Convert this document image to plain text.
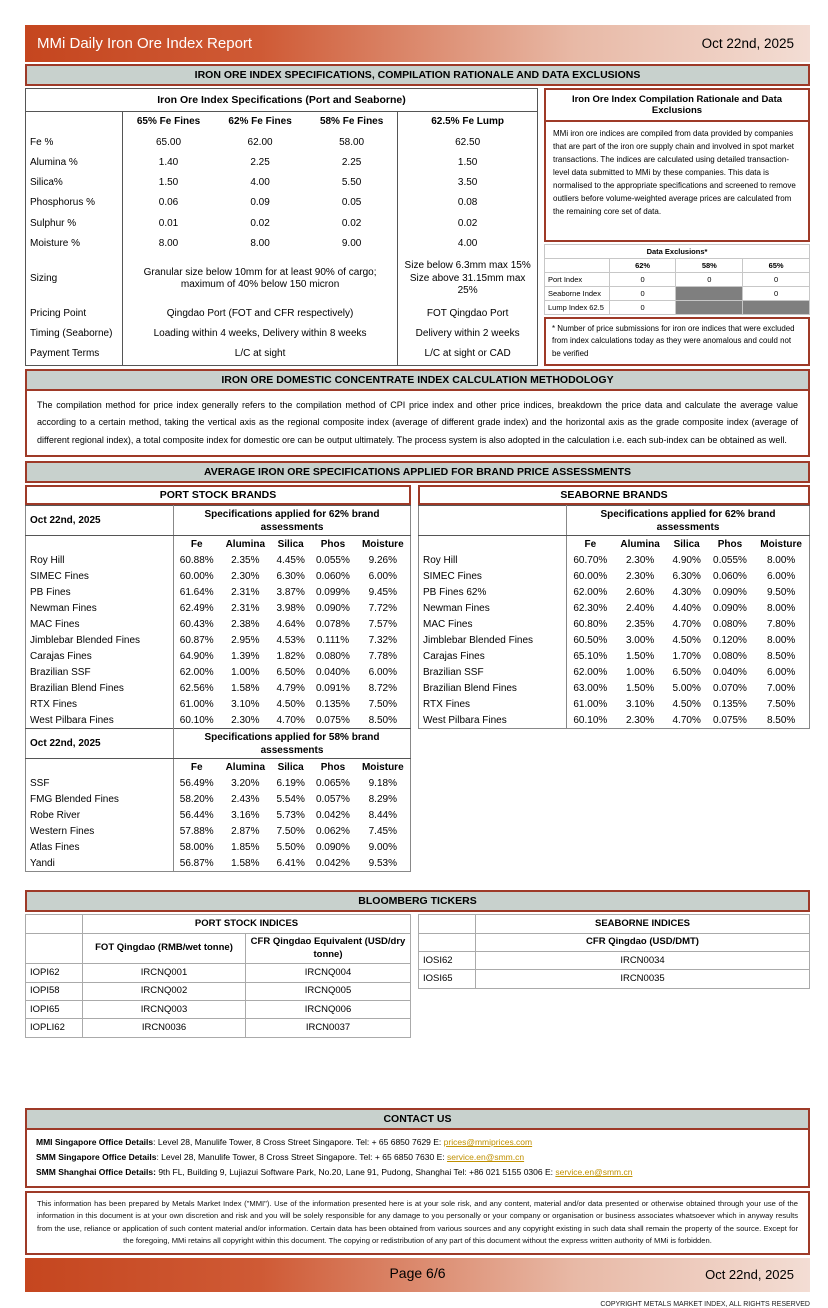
MMi Daily Iron Ore Index Report	Oct 22nd, 2025
IRON ORE INDEX SPECIFICATIONS, COMPILATION RATIONALE AND DATA EXCLUSIONS
Iron Ore Index Specifications (Port and Seaborne)				
	65% Fe Fines	62% Fe Fines	58% Fe Fines	62.5% Fe Lump
Fe %	65.00	62.00	58.00	62.50
Alumina %	1.40	2.25	2.25	1.50
Silica%	1.50	4.00	5.50	3.50
Phosphorus %	0.06	0.09	0.05	0.08
Sulphur %	0.01	0.02	0.02	0.02
Moisture %	8.00	8.00	9.00	4.00
Sizing	Granular size below 10mm for at least 90% of cargo; maximum of 40% below 150 micron			Size below 6.3mm max 15%
Size above 31.15mm max 25%

Pricing Point	Qingdao Port (FOT and CFR respectively)			FOT Qingdao Port
Timing (Seaborne)	Loading within 4 weeks, Delivery within 8 weeks			Delivery within 2 weeks
Payment Terms	L/C at sight			L/C at sight or CAD
Iron Ore Index Compilation Rationale and Data Exclusions
MMi iron ore indices are compiled from data provided by companies that are part of the iron ore supply chain and involved in spot market transactions. The indices are calculated using detailed transaction-level data submitted to MMi by these companies. This data is normalised to the appropriate specifications and screened to remove outliers before volume-weighted average prices are calculated from the remaining core set of data.
Data Exclusions*			
	62%	58%	65%
Port Index	0	0	0
Seaborne Index	0		0
Lump Index 62.5	0		
* Number of price submissions for iron ore indices that were excluded from index calculations today as they were anomalous and could not be verified
IRON ORE DOMESTIC CONCENTRATE INDEX CALCULATION METHODOLOGY
The compilation method for price index generally refers to the compilation method of CPI price index and other price indices, breakdown the price data and calculate the average value according to a certain method, taking the vertical axis as the regional composite index (average of different grade index) and the horizontal axis as the grade composite index (average of different regional index), a total composite index for domestic ore can be output ultimately. The process system is also adopted in the calculation i.e. each sub-index can be obtained as well.
AVERAGE IRON ORE SPECIFICATIONS APPLIED FOR BRAND PRICE ASSESSMENTS
PORT STOCK BRANDS
Oct 22nd, 2025	Specifications applied for 62% brand assessments				
	Fe	Alumina	Silica	Phos	Moisture
Roy Hill	60.88%	2.35%	4.45%	0.055%	9.26%
SIMEC Fines	60.00%	2.30%	6.30%	0.060%	6.00%
PB Fines	61.64%	2.31%	3.87%	0.099%	9.45%
Newman Fines	62.49%	2.31%	3.98%	0.090%	7.72%
MAC Fines	60.43%	2.38%	4.64%	0.078%	7.57%
Jimblebar Blended Fines	60.87%	2.95%	4.53%	0.111%	7.32%
Carajas Fines	64.90%	1.39%	1.82%	0.080%	7.78%
Brazilian SSF	62.00%	1.00%	6.50%	0.040%	6.00%
Brazilian Blend Fines	62.56%	1.58%	4.79%	0.091%	8.72%
RTX Fines	61.00%	3.10%	4.50%	0.135%	7.50%
West Pilbara Fines	60.10%	2.30%	4.70%	0.075%	8.50%
Oct 22nd, 2025	Specifications applied for 58% brand assessments				
	Fe	Alumina	Silica	Phos	Moisture
SSF	56.49%	3.20%	6.19%	0.065%	9.18%
FMG Blended Fines	58.20%	2.43%	5.54%	0.057%	8.29%
Robe River	56.44%	3.16%	5.73%	0.042%	8.44%
Western Fines	57.88%	2.87%	7.50%	0.062%	7.45%
Atlas Fines	58.00%	1.85%	5.50%	0.090%	9.00%
Yandi	56.87%	1.58%	6.41%	0.042%	9.53%
SEABORNE BRANDS
	Specifications applied for 62% brand assessments				
	Fe	Alumina	Silica	Phos	Moisture
Roy Hill	60.70%	2.30%	4.90%	0.055%	8.00%
SIMEC Fines	60.00%	2.30%	6.30%	0.060%	6.00%
PB Fines 62%	62.00%	2.60%	4.30%	0.090%	9.50%
Newman Fines	62.30%	2.40%	4.40%	0.090%	8.00%
MAC Fines	60.80%	2.35%	4.70%	0.080%	7.80%
Jimblebar Blended Fines	60.50%	3.00%	4.50%	0.120%	8.00%
Carajas Fines	65.10%	1.50%	1.70%	0.080%	8.50%
Brazilian SSF	62.00%	1.00%	6.50%	0.040%	6.00%
Brazilian Blend Fines	63.00%	1.50%	5.00%	0.070%	7.00%
RTX Fines	61.00%	3.10%	4.50%	0.135%	7.50%
West Pilbara Fines	60.10%	2.30%	4.70%	0.075%	8.50%
BLOOMBERG TICKERS
	PORT STOCK INDICES	
	FOT Qingdao (RMB/wet tonne)	CFR Qingdao Equivalent (USD/dry tonne)
IOPI62	IRCNQ001	IRCNQ004
IOPI58	IRCNQ002	IRCNQ005
IOPI65	IRCNQ003	IRCNQ006
IOPLI62	IRCN0036	IRCN0037
	SEABORNE INDICES
	CFR Qingdao (USD/DMT)
IOSI62	IRCN0034
IOSI65	IRCN0035
CONTACT US
MMI Singapore Office Details: Level 28, Manulife Tower, 8 Cross Street Singapore. Tel: + 65 6850 7629 E: prices@mmiprices.com
SMM Singapore Office Details: Level 28, Manulife Tower, 8 Cross Street Singapore. Tel: + 65 6850 7630 E: service.en@smm.cn
SMM Shanghai Office Details: 9th FL, Building 9, Lujiazui Software Park, No.20, Lane 91, Pudong, Shanghai Tel: +86 021 5155 0306 E: service.en@smm.cn
This information has been prepared by Metals Market Index ("MMI"). Use of the information presented here is at your sole risk, and any content, material and/or data presented or otherwise obtained through your use of the information in this document is at your own discretion and risk and you will be solely responsible for any damage to you personally or your company or organisation or business associates whatsoever which in anyway results from the use, reliance or application of such content material and/or information. Certain data has been obtained from various sources and any copyright existing in such data shall remain the property of the source. Except for the foregoing, MMi retains all copyright within this document. The copying or redistribution of any part of this document without the express written authority of MMi is forbidden.
Page 6/6	Oct 22nd, 2025
COPYRIGHT METALS MARKET INDEX, ALL RIGHTS RESERVED
